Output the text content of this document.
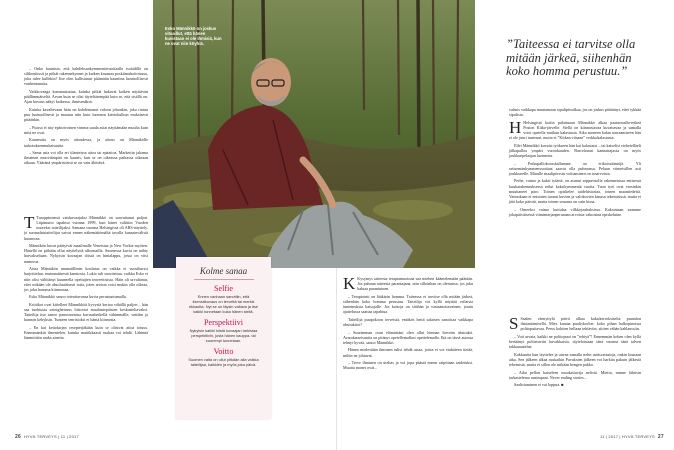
– Onko kaunista, että kahdeksankymmentävuotiaalla isoäidillä on silikonitissit ja pitkät rakennekynnet ja kaiken kruunaa poskiimuhoitoisuus, joka tulee kullekin? Itse olen kallistunut pitämään kauniina luonnollisesti vanhentunutta.

Vaikkovaaga kummastuttaa, kuinka pitkät hakavat kaiken näyttävän päällimmäiseltä. Arvan kuin se olisi täyteläisempää kuin se, että sisällä on. Ajan kuvaus näkyi kaikessa, ihmisenäkin.

Kuinka kavaltevaan häin on kohdentanut valoon johonkin, joka riutuu puu luonnollisesti ja maatuu niin kuin luonnon kiertokulkun mukaisesti pitäänkin.

– Puissa ei näy epätoivoinen vimma saada asiat näyttämään muulta kuin mitä ne ovat.

Kauneutta on myös aitoudessa, ja aitous on Männikölle tarkotuksenmukaisuutta.

– Sama asia voi olla eri tilanteissa aitoa tai epäaitoa. Markettin jakama ilmainen muoviämpäri on kaunis, kun se on oikeassa paikassa oikeaan aikaan. Vääränä ympäristössä se on vain älöttävä.

T Turoppimensä vaiskuvaajaksi Männikkö on saavuttanut paljon. Läpimurto tapahtui vuonna 1999, kun hänet valittiin Vuoden nuoreksi taiteilijaksi. Samana vuonna Helsingissä oli ARS-näyttely, jo suomalaistaiteilijat saivat ennen näkemättömältä tavalla kansainvälistä huomiota.

Männikön kuvat päätyivät maailmalle Venetsiaa ja New Yorkia myöten. Hänellä on pitkään ollut näyttelyitä ulkomailla. Suomessa kuvia on nähty harvakseltaan. Nykyisin kuvaajan töissä on hintalappu, jossa on viisi numeroa.

Aissa Männikön ammatillinen koulutus on vaikka ei vuosikurssi harjoittelua, ensimmäisestä kansiosta. Lukio tuli suoritettua, vaikka Esko ei niin olisi välittänyt kuunnella opettajien teoreettisista. Häin oli urvaltanut, ettei mikään ole absoluuttisesti totta, joten aroista voisi mukin olla oikeaa, jos joku homma kiinnostaa.

Esko Männikkö sanoo toteuttavansa kuvia perustuntumalla.

Kriitikot ovat kiitelleet Männikköä kyvystä kertoa vähällä paljon – hän saa tuohtusta soinigheisuus historiat mauluntepäisten keskusteltavaksi. Taiteilija itse sanoo panostavansa kuvaushetkellä vähimmälle, vaiiden ja kunnon kehyksin. Tunteen tenristoksi ei häntä kiinnosta.

– En kai kettokirjan resepteijäkään kuin se olisivat aitoa totuus. Enemmänkin ilmentelen, kuinka muttikkaasti ruokaa voi tehdä. Lähinnä lämmittäin raaka aineita.

Esko Männikkö on joskus vitsaillut, että hänen kuvistaan ei ole ihmisiä, kun ne ovat niin köyhiä.
Kolme sanaa
Selfie
Ennen vanhaan sanottiin, että itsensäkuvaus on tervettä tai merkki rikkautta. Nyt se on täysin valtava ja itse kaikki tunnetaan kuka hänen siellä.
Perspektiivi
Nykyisin kaikki kiistä kuvaajan tarkistaa perspektiivin, josta hänen kauppa- tai suurempi tunnetaan.
Voitto
Suomen valta on ollut pitkään alla vaikka taiteilijaa, kaikkien ja myös joka päivä.

K Kysymys taiteesta terapiamuotona saa miehen kääntelemään päätään. Jos pahuun taiteesta parantajana, niin silloinhan on olemassa, jos joku haluaa parantuinen.

– Terapiointi on lääkärin homma. Taiteessa ei tarvitse olla mitään järkeä, siihenhän koko homma perustuu. Taiteilija voi kyllä näyttää erilaisia tuntemuksia katsojalle. Jos katsoja on sitähän ja vastaanottavainen, jotain ajattelussa saattaa tapahtua.

Taiteilija puupokoon terveistä, entäkös heitä salaisen sanoittaa vaikkapa abstraktiot?

– Suurimman osan elämästäni olen ollut hieman hirveän abstrakti. Avarakatseisuutta on pitänyt opetellemallasi opettelemalla. Ikä on tässä asiassa tehnyt hyvää, sanoo Männikkö.

Hänen mielestään ihminen tulisi tehdä asiaa, joista ei voi etukäteen tietää, mihin ne johtavat.

– Terve ihminen on utelias ja voi jopa päästä ennen raipittaan taidetuksi. Muutta monet ovat...

”Taiteessa ei tarvitse olla mitään järkeä, siihenhän koko homma perustuu.”

valmis vaikkapa muutamaan sipulipitsalkaa, jos on joskus päättänyt, ettei tykkää sipulista.

H Helsingistä kotiin palattuaan Männikkö alkaa paaturmalla-retkeä Posion Kitka-järvelle. Siellä on kiinnostavaa kuvattavaa ja samalla voisi opetella muikun kalastusta. Aika moneen kalan narraamiseen hän ei ole juuri tuntenut, mutta ei ”Kitkan viisaan” verkkokalastusta.

Ellei Männikkö kuvaisi työkseen hän kai kalastaisi – tai katselisi vieketelläeli jälkapalloa ympäri vuorokauden. Barcelonan kannattajassa on myös joukkuepelaajan luonnetta.

– Potkupallokoruskallamme on erikoissääntöjä. Yli seitsemänkymmenvuotiaat saavat olla puhmussa. Pelaan viimeisillen asti joukkueelle. Minulle maalipörssin voittaminen on tosarvoista.

Perhe, vaimo ja kaksi tytärtä, on asunut seppuvuolla rakennetussa entisessä kuukarakennuksessa reilut kaksikymmentä vuotta. Tuon työt ovat varsinkin muuttaneet paro. Toinen opiskelee taidehistoriaa, toinen maantiedettä. Vaimokaan ei entuinen tuonut kuvien ja valokuvien kanssa tekemisissä, mutta ei jätä koko päivää, mutta toinen seurana on vain kissa.

– Omeeksi vaimo kuttulaa vilkkojauhuksissa. Kaksintaan saamme jokapäiväisessä viimimarjanperunaan arvoista vakoisina opiskeluine.

S Saalen väenyttylä päivä alkaa kaksikerroksiselta puutalon ilmiantämisellä. Mies kantaa puoliskorloe, koko pihan halkopinoista polttopuitavaa. Perus kohtien hellaan tehtäviin, siitten vähän kahlaussiin.

– Voit arvata, kaikki ne polttopuut on ”tehtyä”! Ennemmän kohen olen kyllä kertäänyt polttetuviin kuvakkaista, täyteloistaan tänä vuonna tänä talven takkauaatelue.

Kakkuutta kun täyttelee ja uuvaa samalla nelin uutisvarastoja, onkin lounaan aika. Sen jälkeen alkaa ruukatkin Pavuksien jälkeen voi harkita pakuin jälkestä tekemistä, mutta ei sillen ole mikään hengen pakko.

– Aika pellon katseleen muokattuvija nelistä. Mietin, minne lähtisin tarkastelema uusimpani. Never ending stories...

Saalistaminen ei vai loppua. ■

26 HYVÄ TERVEYS | 11 | 2017	11 | 2017 | HYVÄ TERVEYS 27
